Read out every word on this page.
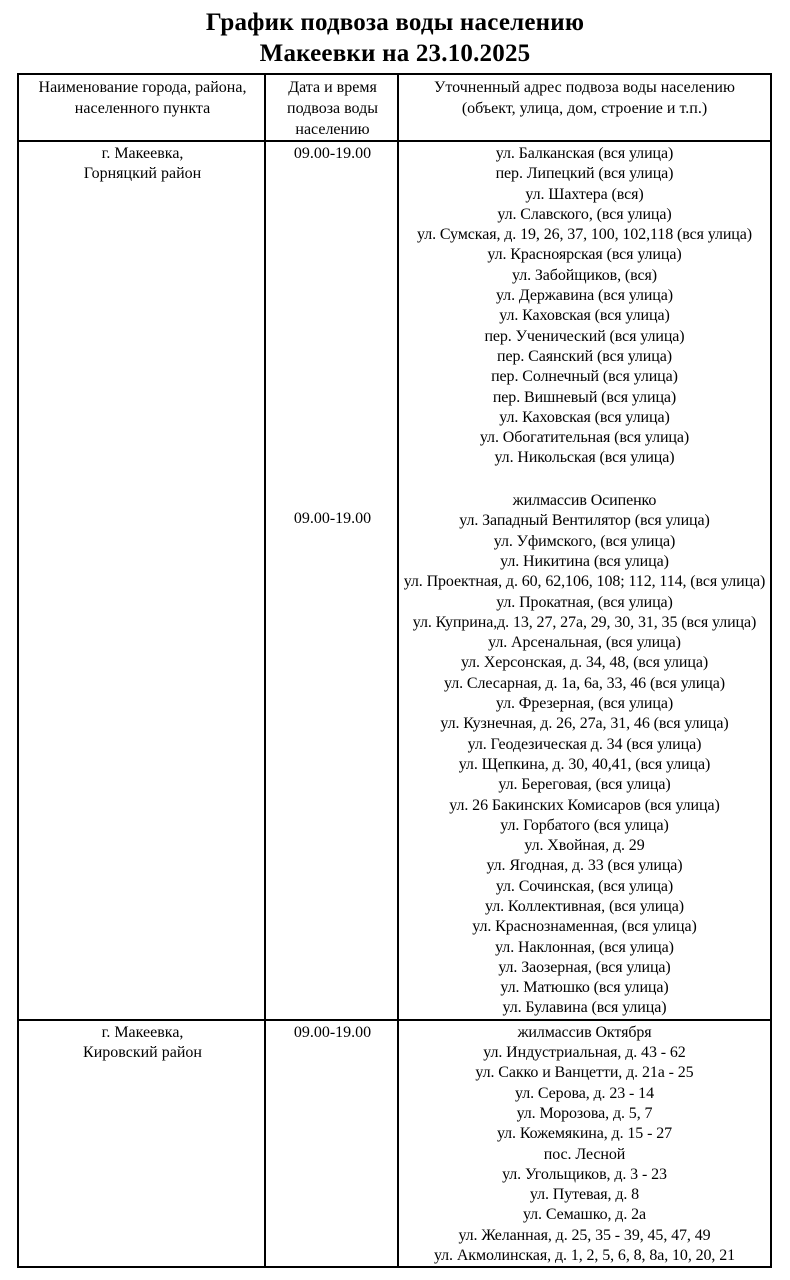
График подвоза воды населению
Макеевки на 23.10.2025
Наименование города, района,
населенного пункта
Дата и время
подвоза воды
населению
Уточненный адрес подвоза воды населению
(объект, улица, дом, строение и т.п.)
г. Макеевка,
Горняцкий район
09.00-19.00	ул. Балканская (вся улица)
пер. Липецкий (вся улица)
ул. Шахтера (вся)
ул. Славского, (вся улица)
ул. Сумская, д. 19, 26, 37, 100, 102,118 (вся улица)
ул. Красноярская (вся улица)
ул. Забойщиков, (вся)
ул. Державина (вся улица)
ул. Каховская (вся улица)
пер. Ученический (вся улица)
пер. Саянский (вся улица)
пер. Солнечный (вся улица)
пер. Вишневый (вся улица)
ул. Каховская (вся улица)
ул. Обогатительная (вся улица)
ул. Никольская (вся улица)
09.00-19.00
жилмассив Осипенко
ул. Западный Вентилятор (вся улица)
ул. Уфимского, (вся улица)
ул. Никитина (вся улица)
ул. Проектная, д. 60, 62,106, 108; 112, 114, (вся улица)
ул. Прокатная, (вся улица)
ул. Куприна,д. 13, 27, 27а, 29, 30, 31, 35 (вся улица)
ул. Арсенальная, (вся улица)
ул. Херсонская, д. 34, 48, (вся улица)
ул. Слесарная, д. 1а, 6а, 33, 46 (вся улица)
ул. Фрезерная, (вся улица)
ул. Кузнечная, д. 26, 27а, 31, 46 (вся улица)
ул. Геодезическая д. 34 (вся улица)
ул. Щепкина, д. 30, 40,41, (вся улица)
ул. Береговая, (вся улица)
ул. 26 Бакинских Комисаров (вся улица)
ул. Горбатого (вся улица)
ул. Хвойная, д. 29
ул. Ягодная, д. 33 (вся улица)
ул. Сочинская, (вся улица)
ул. Коллективная, (вся улица)
ул. Краснознаменная, (вся улица)
ул. Наклонная, (вся улица)
ул. Заозерная, (вся улица)
ул. Матюшко (вся улица)
ул. Булавина (вся улица)
г. Макеевка,
Кировский район
09.00-19.00	жилмассив Октября
ул. Индустриальная, д. 43 - 62
ул. Сакко и Ванцетти, д. 21а - 25
ул. Серова, д. 23 - 14
ул. Морозова, д. 5, 7
ул. Кожемякина, д. 15 - 27
пос. Лесной
ул. Угольщиков, д. 3 - 23
ул. Путевая, д. 8
ул. Семашко, д. 2а
ул. Желанная, д. 25, 35 - 39, 45, 47, 49
ул. Акмолинская, д. 1, 2, 5, 6, 8, 8а, 10, 20, 21
